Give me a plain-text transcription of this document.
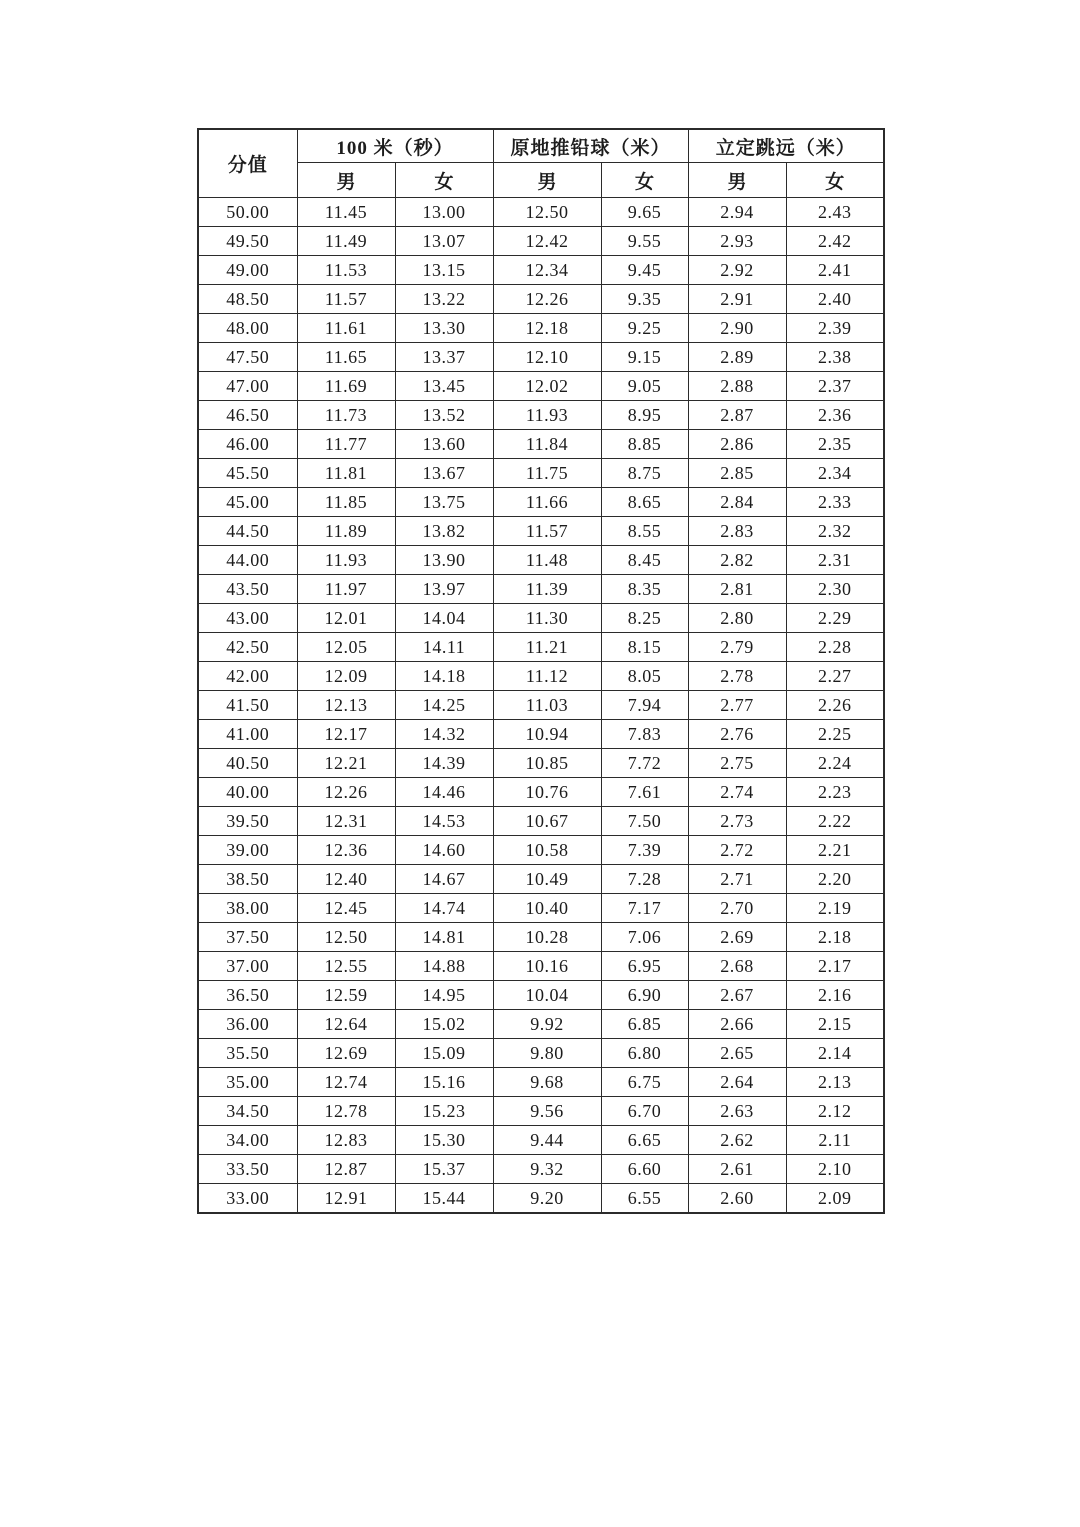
分值	100 米（秒）		原地推铅球（米）		立定跳远（米）	
	男	女	男	女	男	女
50.00	11.45	13.00	12.50	9.65	2.94	2.43
49.50	11.49	13.07	12.42	9.55	2.93	2.42
49.00	11.53	13.15	12.34	9.45	2.92	2.41
48.50	11.57	13.22	12.26	9.35	2.91	2.40
48.00	11.61	13.30	12.18	9.25	2.90	2.39
47.50	11.65	13.37	12.10	9.15	2.89	2.38
47.00	11.69	13.45	12.02	9.05	2.88	2.37
46.50	11.73	13.52	11.93	8.95	2.87	2.36
46.00	11.77	13.60	11.84	8.85	2.86	2.35
45.50	11.81	13.67	11.75	8.75	2.85	2.34
45.00	11.85	13.75	11.66	8.65	2.84	2.33
44.50	11.89	13.82	11.57	8.55	2.83	2.32
44.00	11.93	13.90	11.48	8.45	2.82	2.31
43.50	11.97	13.97	11.39	8.35	2.81	2.30
43.00	12.01	14.04	11.30	8.25	2.80	2.29
42.50	12.05	14.11	11.21	8.15	2.79	2.28
42.00	12.09	14.18	11.12	8.05	2.78	2.27
41.50	12.13	14.25	11.03	7.94	2.77	2.26
41.00	12.17	14.32	10.94	7.83	2.76	2.25
40.50	12.21	14.39	10.85	7.72	2.75	2.24
40.00	12.26	14.46	10.76	7.61	2.74	2.23
39.50	12.31	14.53	10.67	7.50	2.73	2.22
39.00	12.36	14.60	10.58	7.39	2.72	2.21
38.50	12.40	14.67	10.49	7.28	2.71	2.20
38.00	12.45	14.74	10.40	7.17	2.70	2.19
37.50	12.50	14.81	10.28	7.06	2.69	2.18
37.00	12.55	14.88	10.16	6.95	2.68	2.17
36.50	12.59	14.95	10.04	6.90	2.67	2.16
36.00	12.64	15.02	9.92	6.85	2.66	2.15
35.50	12.69	15.09	9.80	6.80	2.65	2.14
35.00	12.74	15.16	9.68	6.75	2.64	2.13
34.50	12.78	15.23	9.56	6.70	2.63	2.12
34.00	12.83	15.30	9.44	6.65	2.62	2.11
33.50	12.87	15.37	9.32	6.60	2.61	2.10
33.00	12.91	15.44	9.20	6.55	2.60	2.09
